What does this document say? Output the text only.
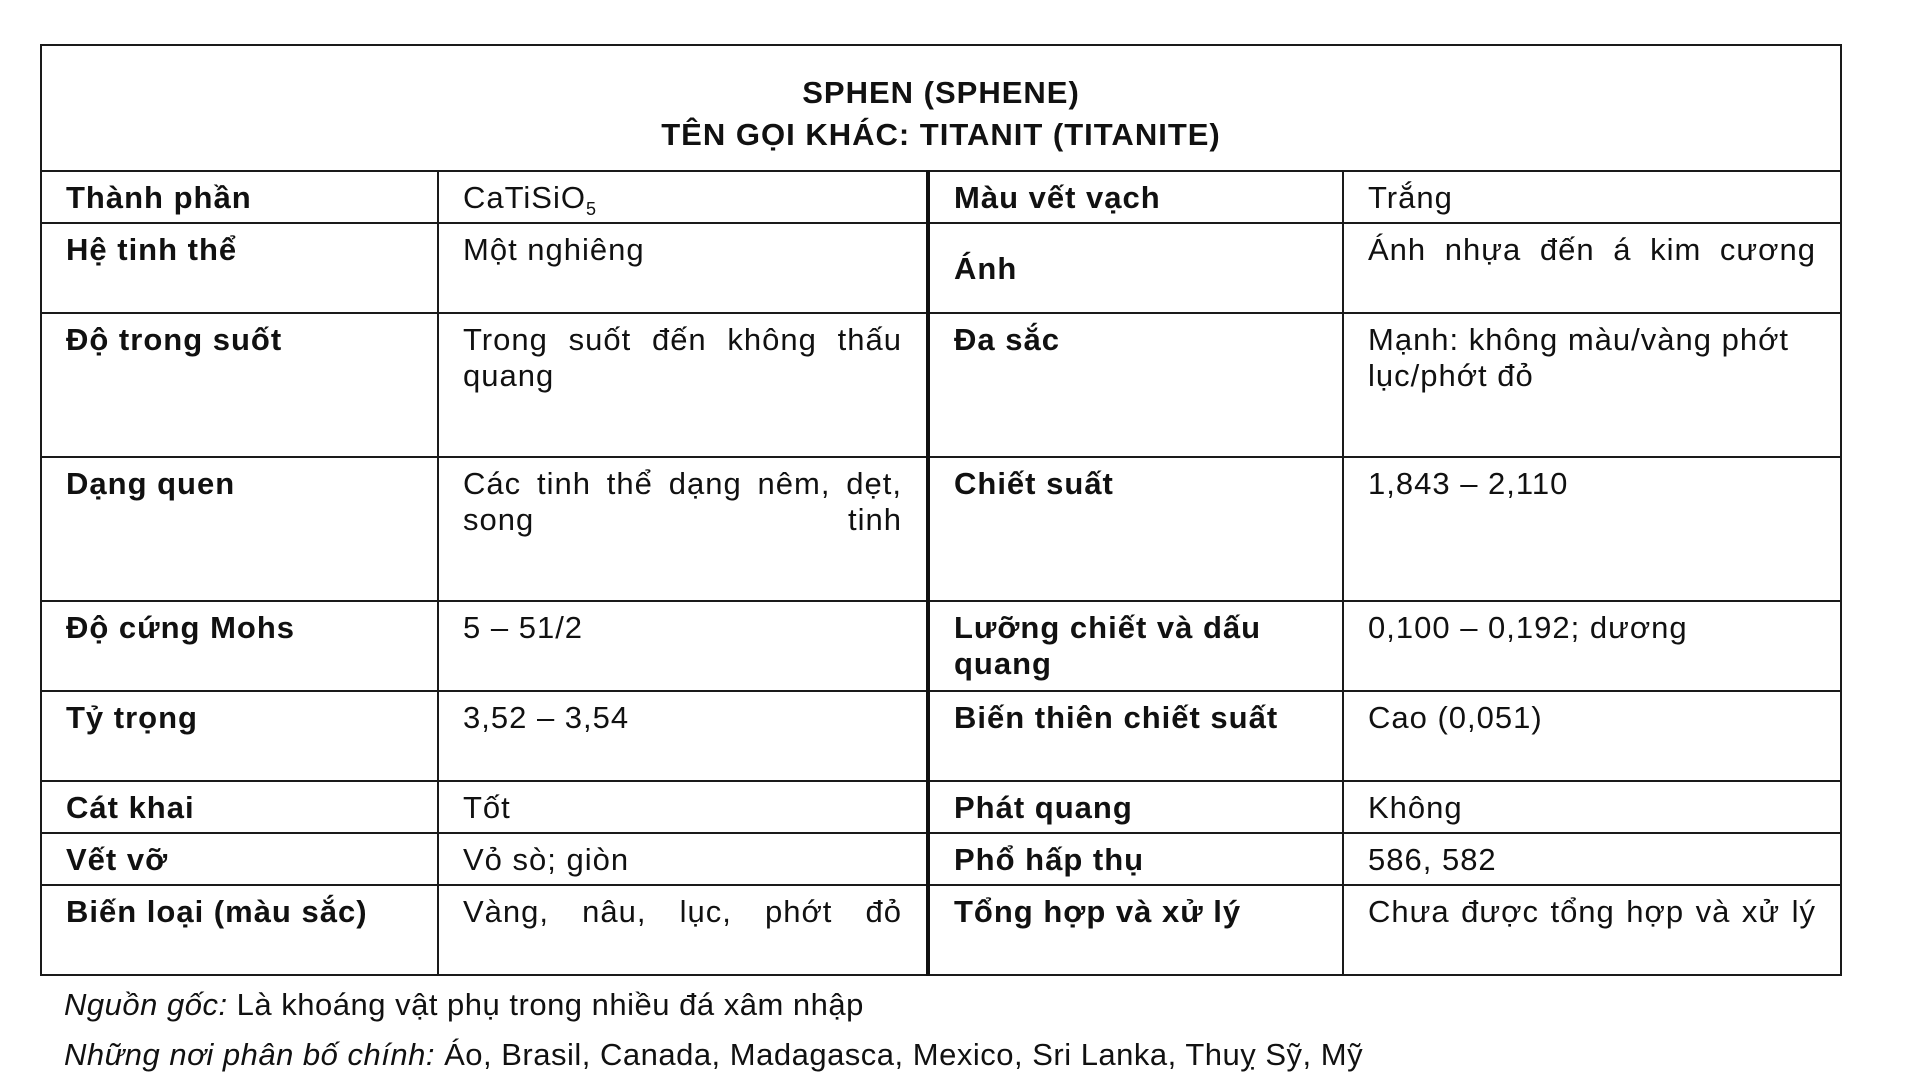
SPHEN (SPHENE)
TÊN GỌI KHÁC: TITANIT (TITANITE)			

Thành phần	CaTiSiO$_5$	Màu vết vạch	Trắng
Hệ tinh thể	Một nghiêng	Ánh	Ánh nhựa đến á kim cương
Độ trong suốt	Trong suốt đến không thấu quang	Đa sắc	Mạnh: không màu/vàng phớt lục/phớt đỏ
Dạng quen	Các tinh thể dạng nêm, dẹt, song tinh	Chiết suất	1,843 – 2,110
Độ cứng Mohs	5 – 51/2	Lưỡng chiết và dấu quang	0,100 – 0,192; dương
Tỷ trọng	3,52 – 3,54	Biến thiên chiết suất	Cao (0,051)
Cát khai	Tốt	Phát quang	Không
Vết vỡ	Vỏ sò; giòn	Phổ hấp thụ	586, 582
Biến loại (màu sắc)	Vàng, nâu, lục, phớt đỏ	Tổng hợp và xử lý	Chưa được tổng hợp và xử lý
Nguồn gốc: Là khoáng vật phụ trong nhiều đá xâm nhập
Những nơi phân bố chính: Áo, Brasil, Canada, Madagasca, Mexico, Sri Lanka, Thuỵ Sỹ, Mỹ
